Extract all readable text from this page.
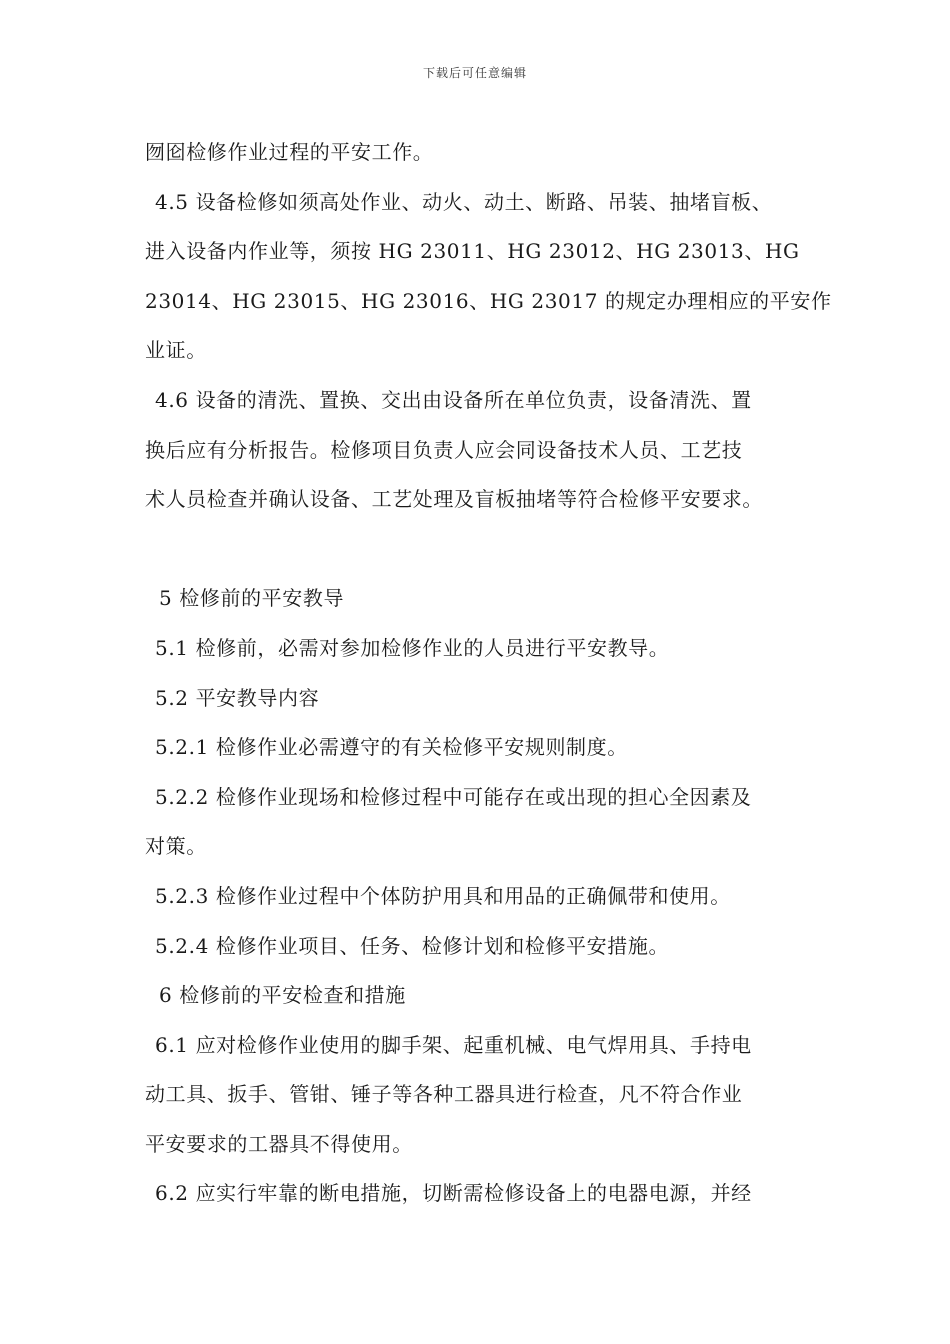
下载后可任意编辑
囫囵检修作业过程的平安工作。
4.5 设备检修如须高处作业、动火、动土、断路、吊装、抽堵盲板、
进入设备内作业等，须按 HG 23011、HG 23012、HG 23013、HG
23014、HG 23015、HG 23016、HG 23017 的规定办理相应的平安作
业证。
4.6 设备的清洗、置换、交出由设备所在单位负责，设备清洗、置
换后应有分析报告。检修项目负责人应会同设备技术人员、工艺技
术人员检查并确认设备、工艺处理及盲板抽堵等符合检修平安要求。
5 检修前的平安教导
5.1 检修前，必需对参加检修作业的人员进行平安教导。
5.2 平安教导内容
5.2.1 检修作业必需遵守的有关检修平安规则制度。
5.2.2 检修作业现场和检修过程中可能存在或出现的担心全因素及
对策。
5.2.3 检修作业过程中个体防护用具和用品的正确佩带和使用。
5.2.4 检修作业项目、任务、检修计划和检修平安措施。
6 检修前的平安检查和措施
6.1 应对检修作业使用的脚手架、起重机械、电气焊用具、手持电
动工具、扳手、管钳、锤子等各种工器具进行检查，凡不符合作业
平安要求的工器具不得使用。
6.2 应实行牢靠的断电措施，切断需检修设备上的电器电源，并经
